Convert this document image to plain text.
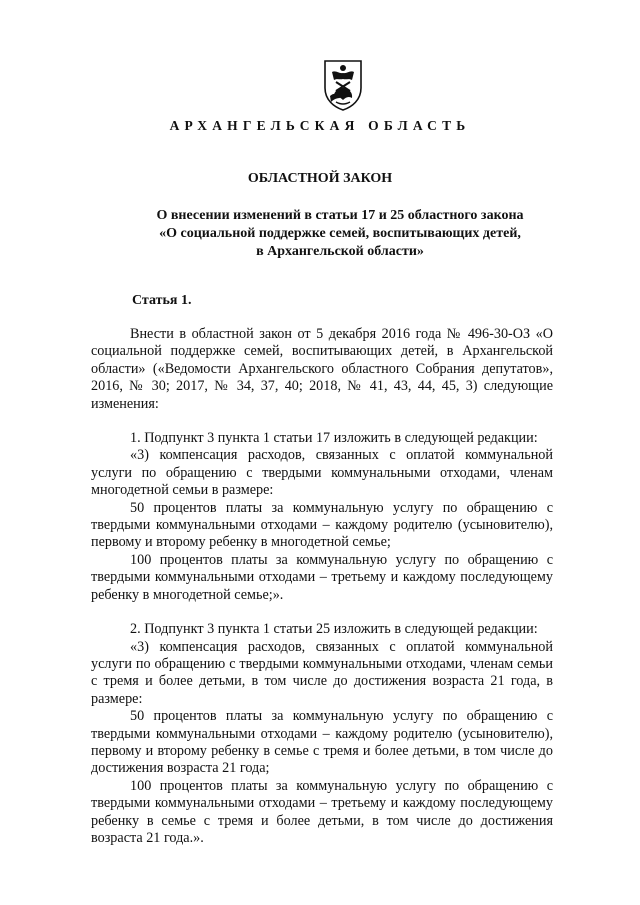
АРХАНГЕЛЬСКАЯ ОБЛАСТЬ
ОБЛАСТНОЙ ЗАКОН
О внесении изменений в статьи 17 и 25 областного закона
«О социальной поддержке семей, воспитывающих детей,
в Архангельской области»
Статья 1.

Внести в областной закон от 5 декабря 2016 года № 496-30-ОЗ «О социальной поддержке семей, воспитывающих детей, в Архангельской области» («Ведомости Архангельского областного Собрания депутатов», 2016, № 30; 2017, № 34, 37, 40; 2018, № 41, 43, 44, 45, 3) следующие изменения:

1. Подпункт 3 пункта 1 статьи 17 изложить в следующей редакции:

«3) компенсация расходов, связанных с оплатой коммунальной услуги по обращению с твердыми коммунальными отходами, членам многодетной семьи в размере:

50 процентов платы за коммунальную услугу по обращению с твердыми коммунальными отходами – каждому родителю (усыновителю), первому и второму ребенку в многодетной семье;

100 процентов платы за коммунальную услугу по обращению с твердыми коммунальными отходами – третьему и каждому последующему ребенку в многодетной семье;».

2. Подпункт 3 пункта 1 статьи 25 изложить в следующей редакции:

«3) компенсация расходов, связанных с оплатой коммунальной услуги по обращению с твердыми коммунальными отходами, членам семьи с тремя и более детьми, в том числе до достижения возраста 21 года, в размере:

50 процентов платы за коммунальную услугу по обращению с твердыми коммунальными отходами – каждому родителю (усыновителю), первому и второму ребенку в семье с тремя и более детьми, в том числе до достижения возраста 21 года;

100 процентов платы за коммунальную услугу по обращению с твердыми коммунальными отходами – третьему и каждому последующему ребенку в семье с тремя и более детьми, в том числе до достижения возраста 21 года.».
